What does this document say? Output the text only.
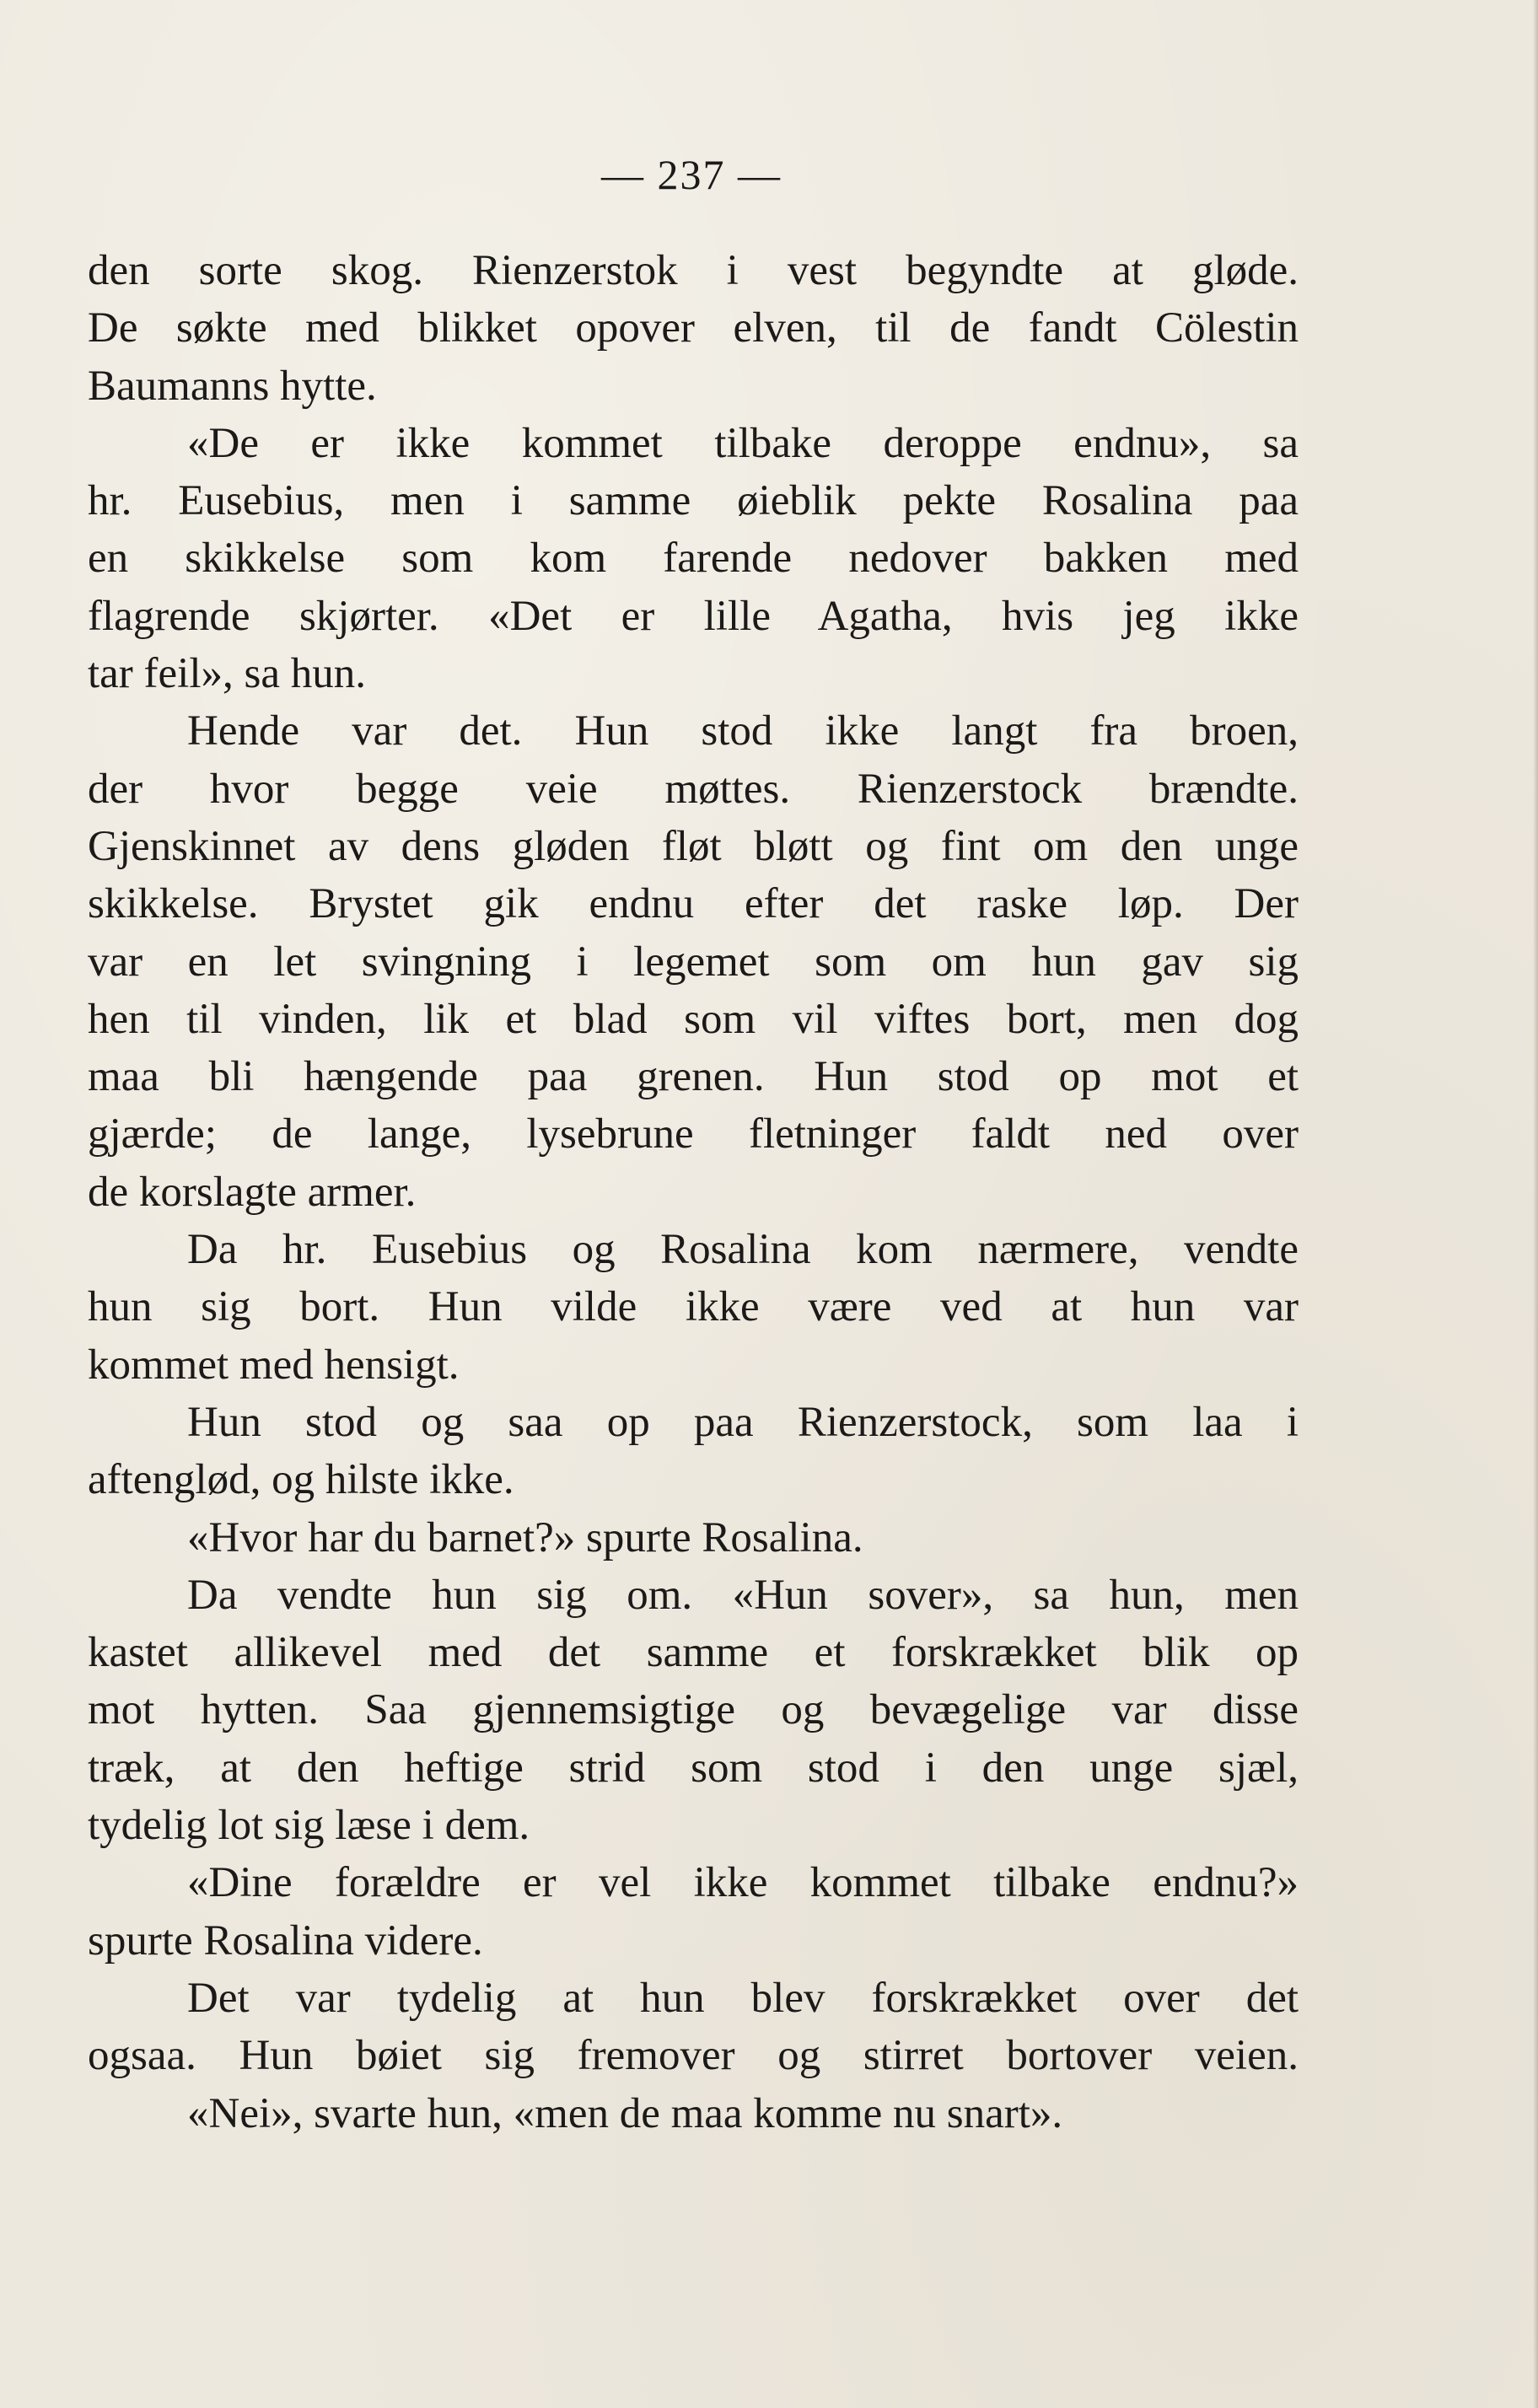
— 237 —
den sorte skog. Rienzerstok i vest begyndte at gløde.
De søkte med blikket opover elven, til de fandt Cölestin
Baumanns hytte.
«De er ikke kommet tilbake deroppe endnu», sa
hr. Eusebius, men i samme øieblik pekte Rosalina paa
en skikkelse som kom farende nedover bakken med
flagrende skjørter. «Det er lille Agatha, hvis jeg ikke
tar feil», sa hun.
Hende var det. Hun stod ikke langt fra broen,
der hvor begge veie møttes. Rienzerstock brændte.
Gjenskinnet av dens gløden fløt bløtt og fint om den unge
skikkelse. Brystet gik endnu efter det raske løp. Der
var en let svingning i legemet som om hun gav sig
hen til vinden, lik et blad som vil viftes bort, men dog
maa bli hængende paa grenen. Hun stod op mot et
gjærde; de lange, lysebrune fletninger faldt ned over
de korslagte armer.
Da hr. Eusebius og Rosalina kom nærmere, vendte
hun sig bort. Hun vilde ikke være ved at hun var
kommet med hensigt.
Hun stod og saa op paa Rienzerstock, som laa i
aftenglød, og hilste ikke.
«Hvor har du barnet?» spurte Rosalina.
Da vendte hun sig om. «Hun sover», sa hun, men
kastet allikevel med det samme et forskrækket blik op
mot hytten. Saa gjennemsigtige og bevægelige var disse
træk, at den heftige strid som stod i den unge sjæl,
tydelig lot sig læse i dem.
«Dine forældre er vel ikke kommet tilbake endnu?»
spurte Rosalina videre.
Det var tydelig at hun blev forskrækket over det
ogsaa. Hun bøiet sig fremover og stirret bortover veien.
«Nei», svarte hun, «men de maa komme nu snart».
